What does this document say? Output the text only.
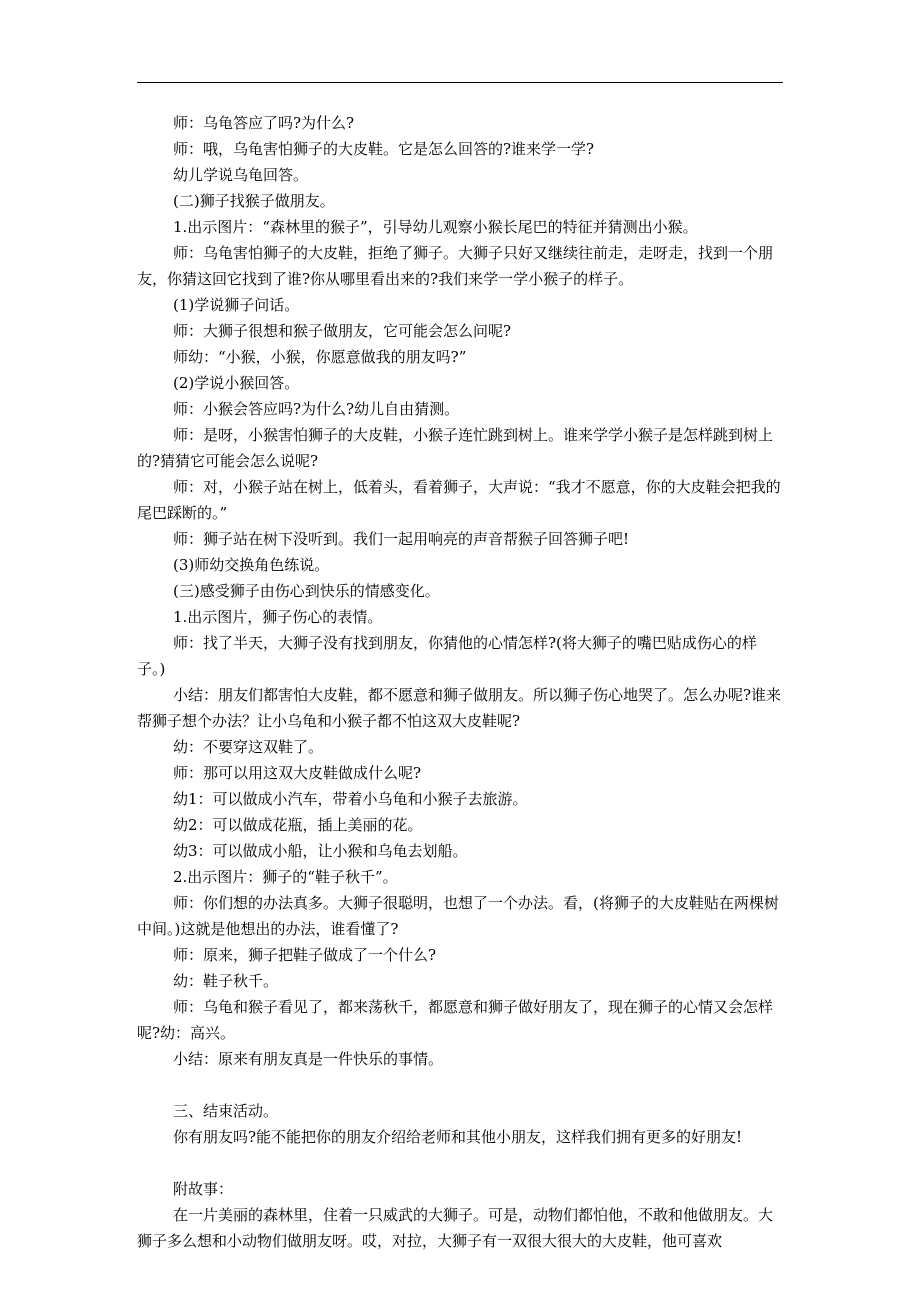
师：乌龟答应了吗?为什么?

师：哦，乌龟害怕狮子的大皮鞋。它是怎么回答的?谁来学一学?

幼儿学说乌龟回答。

(二)狮子找猴子做朋友。

1.出示图片：“森林里的猴子”，引导幼儿观察小猴长尾巴的特征并猜测出小猴。

师：乌龟害怕狮子的大皮鞋，拒绝了狮子。大狮子只好又继续往前走，走呀走，找到一个朋友，你猜这回它找到了谁?你从哪里看出来的?我们来学一学小猴子的样子。

(1)学说狮子问话。

师：大狮子很想和猴子做朋友，它可能会怎么问呢?

师幼：“小猴，小猴，你愿意做我的朋友吗?”

(2)学说小猴回答。

师：小猴会答应吗?为什么?幼儿自由猜测。

师：是呀，小猴害怕狮子的大皮鞋，小猴子连忙跳到树上。谁来学学小猴子是怎样跳到树上的?猜猜它可能会怎么说呢?

师：对，小猴子站在树上，低着头，看着狮子，大声说：“我才不愿意，你的大皮鞋会把我的尾巴踩断的。”

师：狮子站在树下没听到。我们一起用响亮的声音帮猴子回答狮子吧!

(3)师幼交换角色练说。

(三)感受狮子由伤心到快乐的情感变化。

1.出示图片，狮子伤心的表情。

师：找了半天，大狮子没有找到朋友，你猜他的心情怎样?(将大狮子的嘴巴贴成伤心的样子。)

小结：朋友们都害怕大皮鞋，都不愿意和狮子做朋友。所以狮子伤心地哭了。怎么办呢?谁来帮狮子想个办法？让小乌龟和小猴子都不怕这双大皮鞋呢?

幼：不要穿这双鞋了。

师：那可以用这双大皮鞋做成什么呢?

幼1：可以做成小汽车，带着小乌龟和小猴子去旅游。

幼2：可以做成花瓶，插上美丽的花。

幼3：可以做成小船，让小猴和乌龟去划船。

2.出示图片：狮子的“鞋子秋千”。

师：你们想的办法真多。大狮子很聪明，也想了一个办法。看，(将狮子的大皮鞋贴在两棵树中间。)这就是他想出的办法，谁看懂了?

师：原来，狮子把鞋子做成了一个什么?

幼：鞋子秋千。

师：乌龟和猴子看见了，都来荡秋千，都愿意和狮子做好朋友了，现在狮子的心情又会怎样呢?幼：高兴。

小结：原来有朋友真是一件快乐的事情。

三、结束活动。

你有朋友吗?能不能把你的朋友介绍给老师和其他小朋友，这样我们拥有更多的好朋友!

附故事：

在一片美丽的森林里，住着一只威武的大狮子。可是，动物们都怕他，不敢和他做朋友。大狮子多么想和小动物们做朋友呀。哎，对拉，大狮子有一双很大很大的大皮鞋，他可喜欢
